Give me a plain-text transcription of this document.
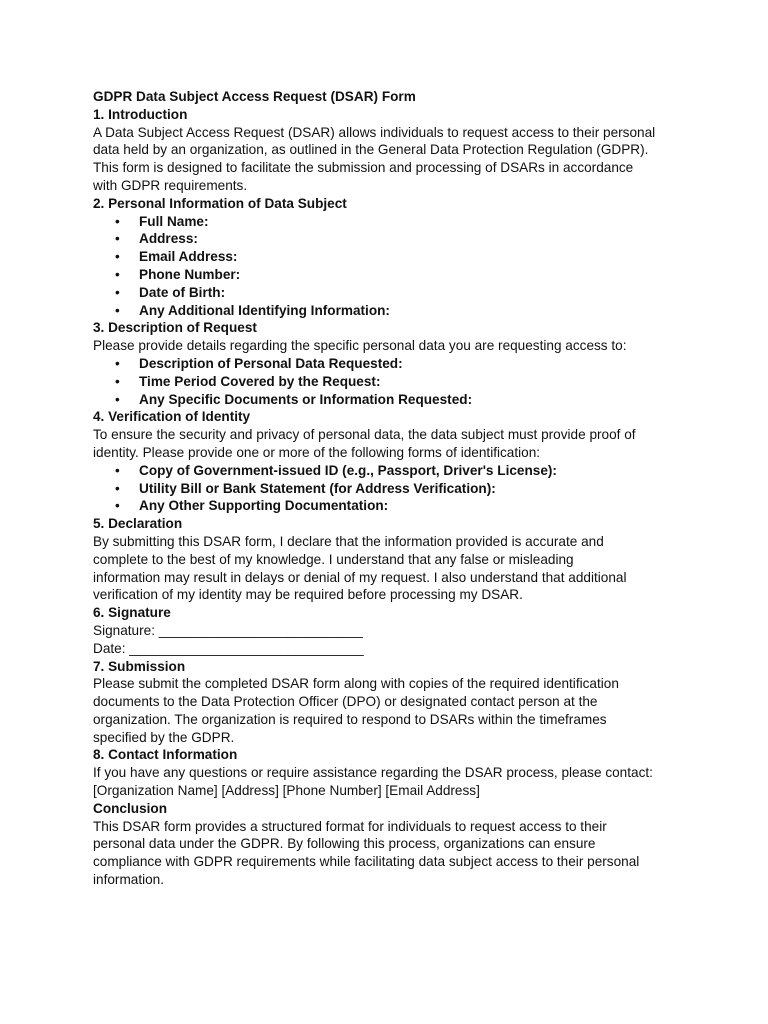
GDPR Data Subject Access Request (DSAR) Form

1. Introduction

A Data Subject Access Request (DSAR) allows individuals to request access to their personal

data held by an organization, as outlined in the General Data Protection Regulation (GDPR).

This form is designed to facilitate the submission and processing of DSARs in accordance

with GDPR requirements.

2. Personal Information of Data Subject

• Full Name:
• Address:
• Email Address:
• Phone Number:
• Date of Birth:
• Any Additional Identifying Information:

3. Description of Request

Please provide details regarding the specific personal data you are requesting access to:

• Description of Personal Data Requested:
• Time Period Covered by the Request:
• Any Specific Documents or Information Requested:

4. Verification of Identity

To ensure the security and privacy of personal data, the data subject must provide proof of

identity. Please provide one or more of the following forms of identification:

• Copy of Government-issued ID (e.g., Passport, Driver's License):
• Utility Bill or Bank Statement (for Address Verification):
• Any Other Supporting Documentation:

5. Declaration

By submitting this DSAR form, I declare that the information provided is accurate and

complete to the best of my knowledge. I understand that any false or misleading

information may result in delays or denial of my request. I also understand that additional

verification of my identity may be required before processing my DSAR.

6. Signature

Signature: ___________________________

Date: _______________________________

7. Submission

Please submit the completed DSAR form along with copies of the required identification

documents to the Data Protection Officer (DPO) or designated contact person at the

organization. The organization is required to respond to DSARs within the timeframes

specified by the GDPR.

8. Contact Information

If you have any questions or require assistance regarding the DSAR process, please contact:

[Organization Name] [Address] [Phone Number] [Email Address]

Conclusion

This DSAR form provides a structured format for individuals to request access to their

personal data under the GDPR. By following this process, organizations can ensure

compliance with GDPR requirements while facilitating data subject access to their personal

information.
